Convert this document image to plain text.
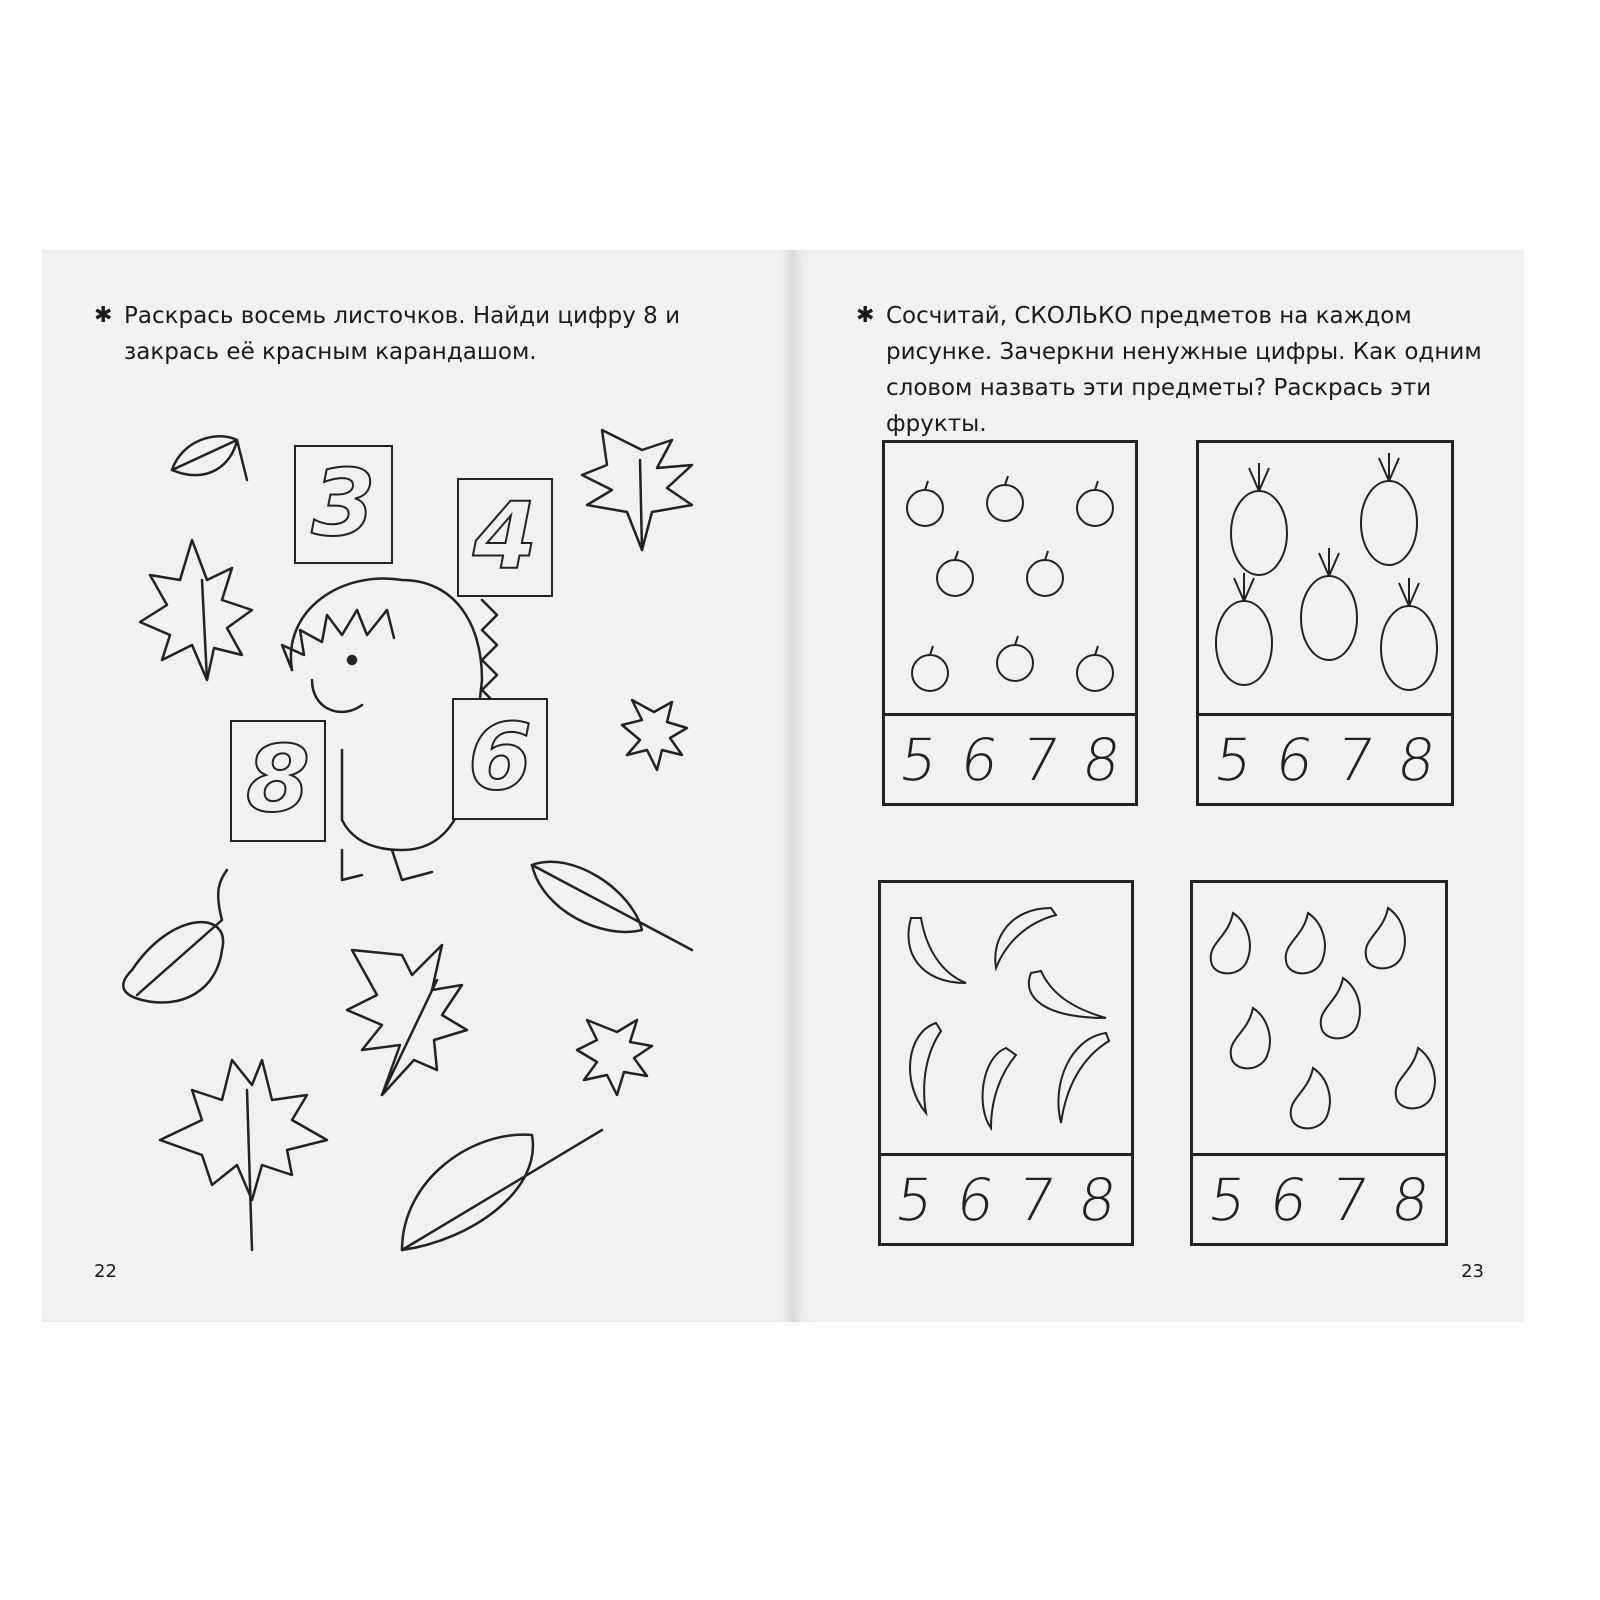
✱ Раскрась восемь листочков. Найди цифру 8 и закрась её красным карандашом.
3 4
8 6
22
✱ Сосчитай, СКОЛЬКО предметов на каждом рисунке. Зачеркни ненужные цифры. Как одним словом назвать эти предметы? Раскрась эти фрукты.
5 6 7 8 5 6 7 8
5 6 7 8 5 6 7 8
23
